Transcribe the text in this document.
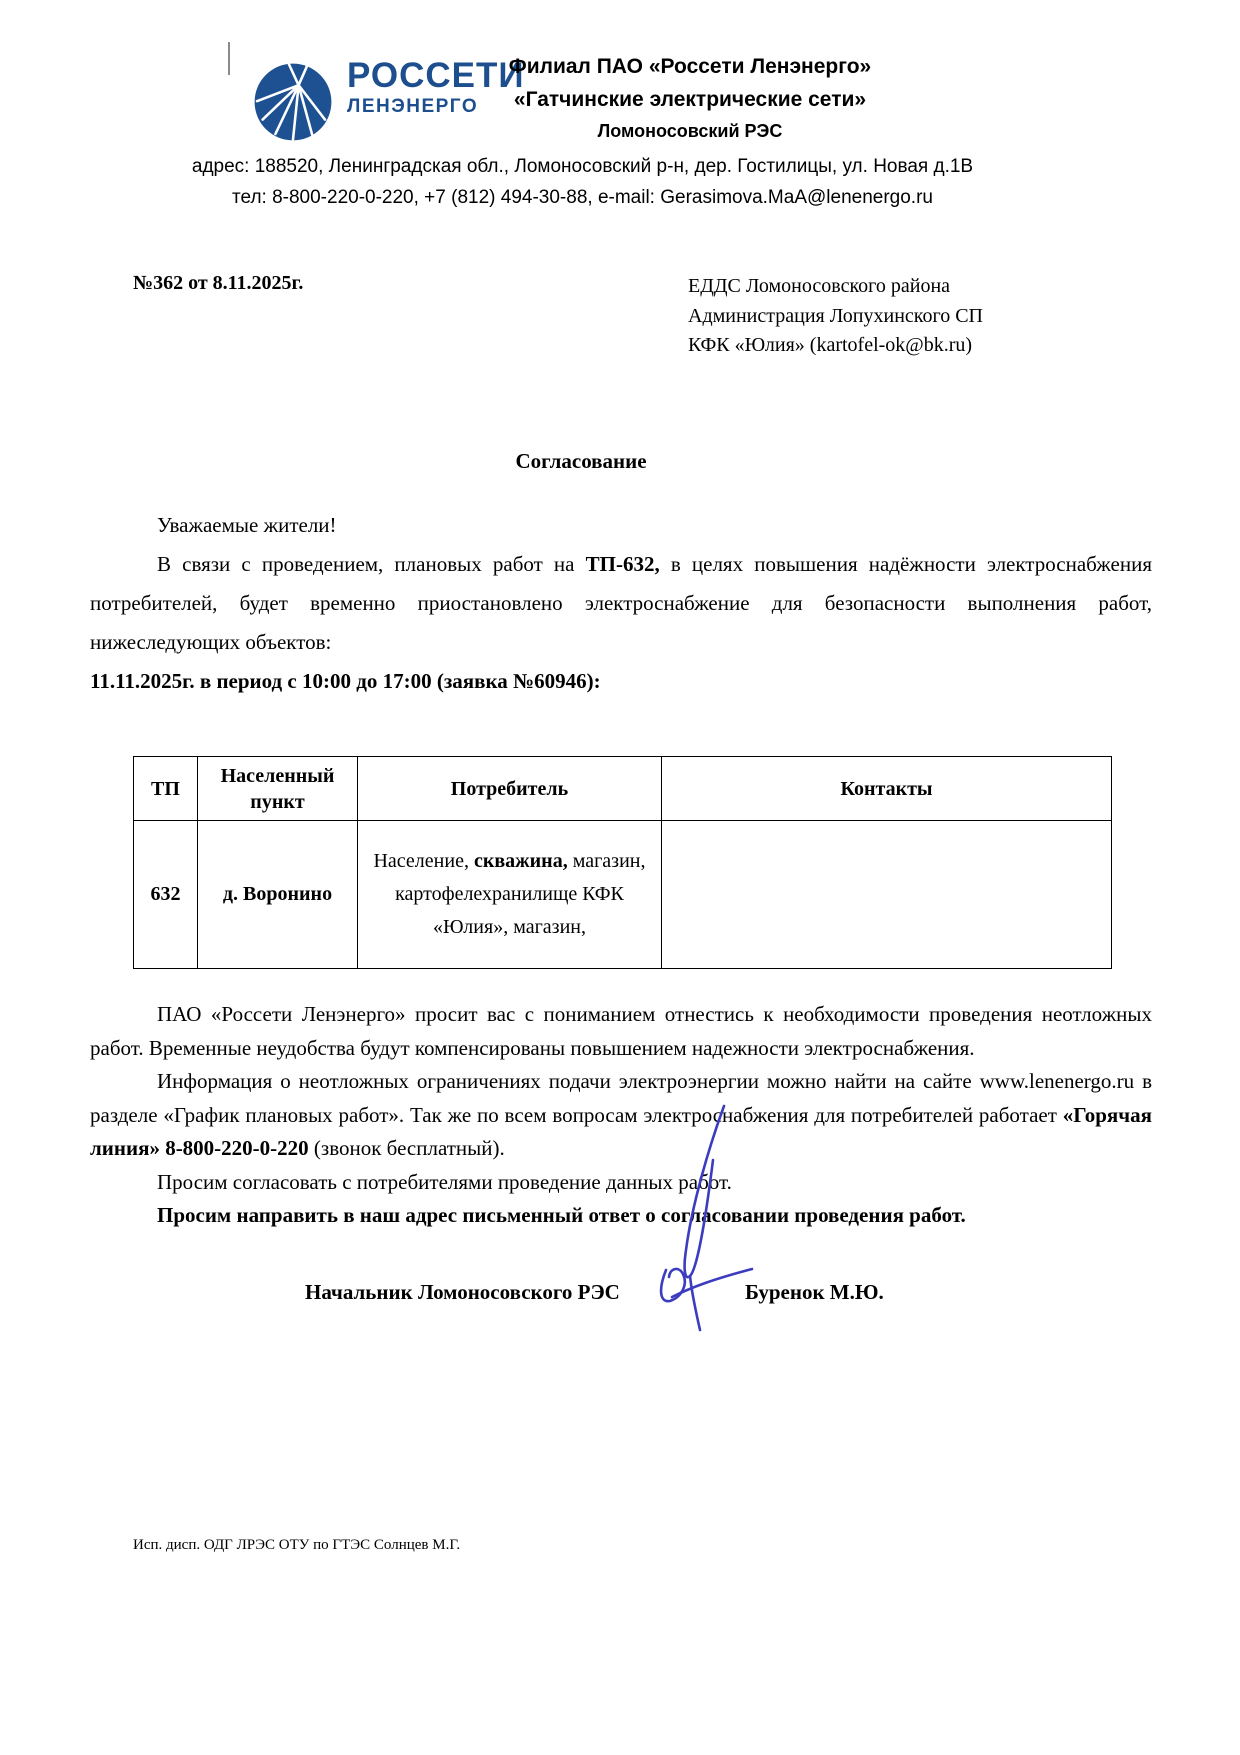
РОССЕТИ
ЛЕНЭНЕРГО
Филиал ПАО «Россети Ленэнерго»
«Гатчинские электрические сети»
Ломоносовский РЭС
адрес: 188520, Ленинградская обл., Ломоносовский р-н, дер. Гостилицы, ул. Новая д.1В
тел: 8-800-220-0-220, +7 (812) 494-30-88, e-mail: Gerasimova.MaA@lenenergo.ru
№362 от 8.11.2025г.	ЕДДС Ломоносовского района
Администрация Лопухинского СП
КФК «Юлия» (kartofel-ok@bk.ru)
Согласование

Уважаемые жители!

В связи с проведением, плановых работ на ТП-632, в целях повышения надёжности электроснабжения потребителей, будет временно приостановлено электроснабжение для безопасности выполнения работ, нижеследующих объектов:

11.11.2025г. в период с 10:00 до 17:00 (заявка №60946):

ТП	Населенный пункт	Потребитель	Контакты
632	д. Воронино	Население, скважина, магазин, картофелехранилище КФК «Юлия», магазин,	

ПАО «Россети Ленэнерго» просит вас с пониманием отнестись к необходимости проведения неотложных работ. Временные неудобства будут компенсированы повышением надежности электроснабжения.

Информация о неотложных ограничениях подачи электроэнергии можно найти на сайте www.lenenergo.ru в разделе «График плановых работ». Так же по всем вопросам электроснабжения для потребителей работает «Горячая линия» 8-800-220-0-220 (звонок бесплатный).

Просим согласовать с потребителями проведение данных работ.

Просим направить в наш адрес письменный ответ о согласовании проведения работ.

Начальник Ломоносовского РЭС	Буренок М.Ю.
Исп. дисп. ОДГ ЛРЭС ОТУ по ГТЭС Солнцев М.Г.
